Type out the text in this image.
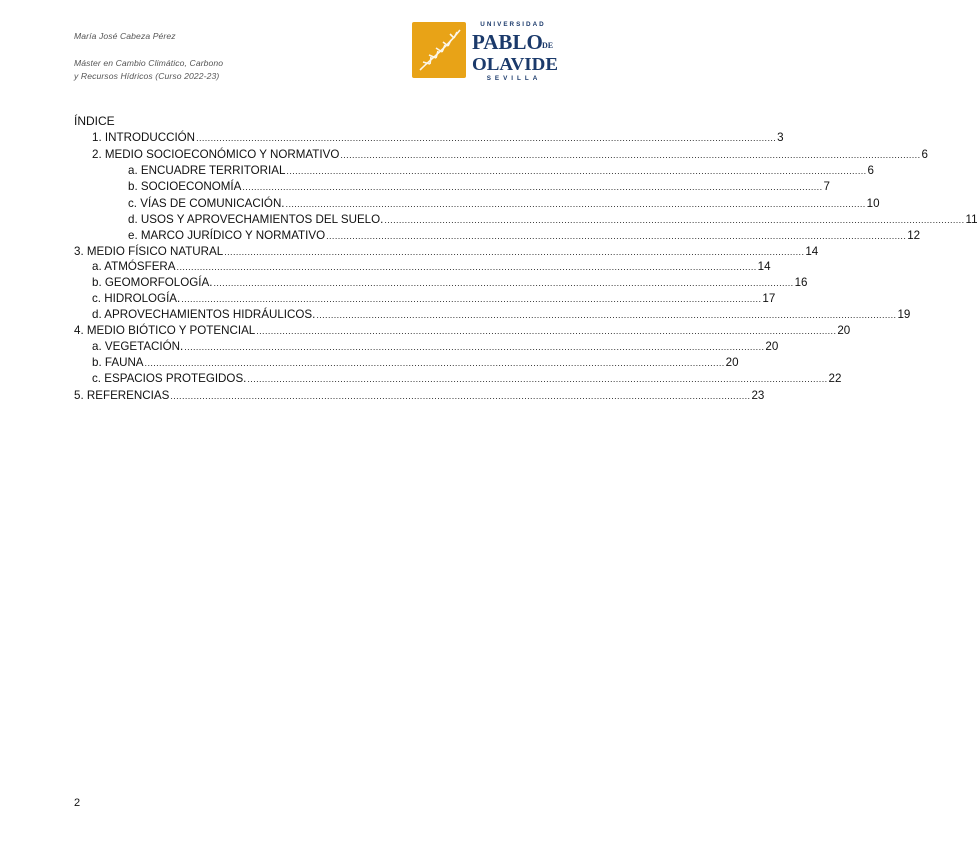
María José Cabeza Pérez
Máster en Cambio Climático, Carbono
y Recursos Hídricos (Curso 2022-23)
UNIVERSIDAD
PABLO DE
OLAVIDE
SEVILLA
ÍNDICE
1. INTRODUCCIÓN ........................................................................................................................................................................................................ 3
2. MEDIO SOCIOECONÓMICO Y NORMATIVO ........................................................................................................................................................................................................ 6
a. ENCUADRE TERRITORIAL ........................................................................................................................................................................................................ 6
b. SOCIOECONOMÍA ........................................................................................................................................................................................................ 7
c. VÍAS DE COMUNICACIÓN. ........................................................................................................................................................................................................ 10
d. USOS Y APROVECHAMIENTOS DEL SUELO. ........................................................................................................................................................................................................ 11
e. MARCO JURÍDICO Y NORMATIVO ........................................................................................................................................................................................................ 12
3. MEDIO FÍSICO NATURAL ........................................................................................................................................................................................................ 14
a. ATMÓSFERA ........................................................................................................................................................................................................ 14
b. GEOMORFOLOGÍA. ........................................................................................................................................................................................................ 16
c. HIDROLOGÍA. ........................................................................................................................................................................................................ 17
d. APROVECHAMIENTOS HIDRÁULICOS. ........................................................................................................................................................................................................ 19
4. MEDIO BIÓTICO Y POTENCIAL ........................................................................................................................................................................................................ 20
a. VEGETACIÓN. ........................................................................................................................................................................................................ 20
b. FAUNA ........................................................................................................................................................................................................ 20
c. ESPACIOS PROTEGIDOS. ........................................................................................................................................................................................................ 22
5. REFERENCIAS ........................................................................................................................................................................................................ 23
2
